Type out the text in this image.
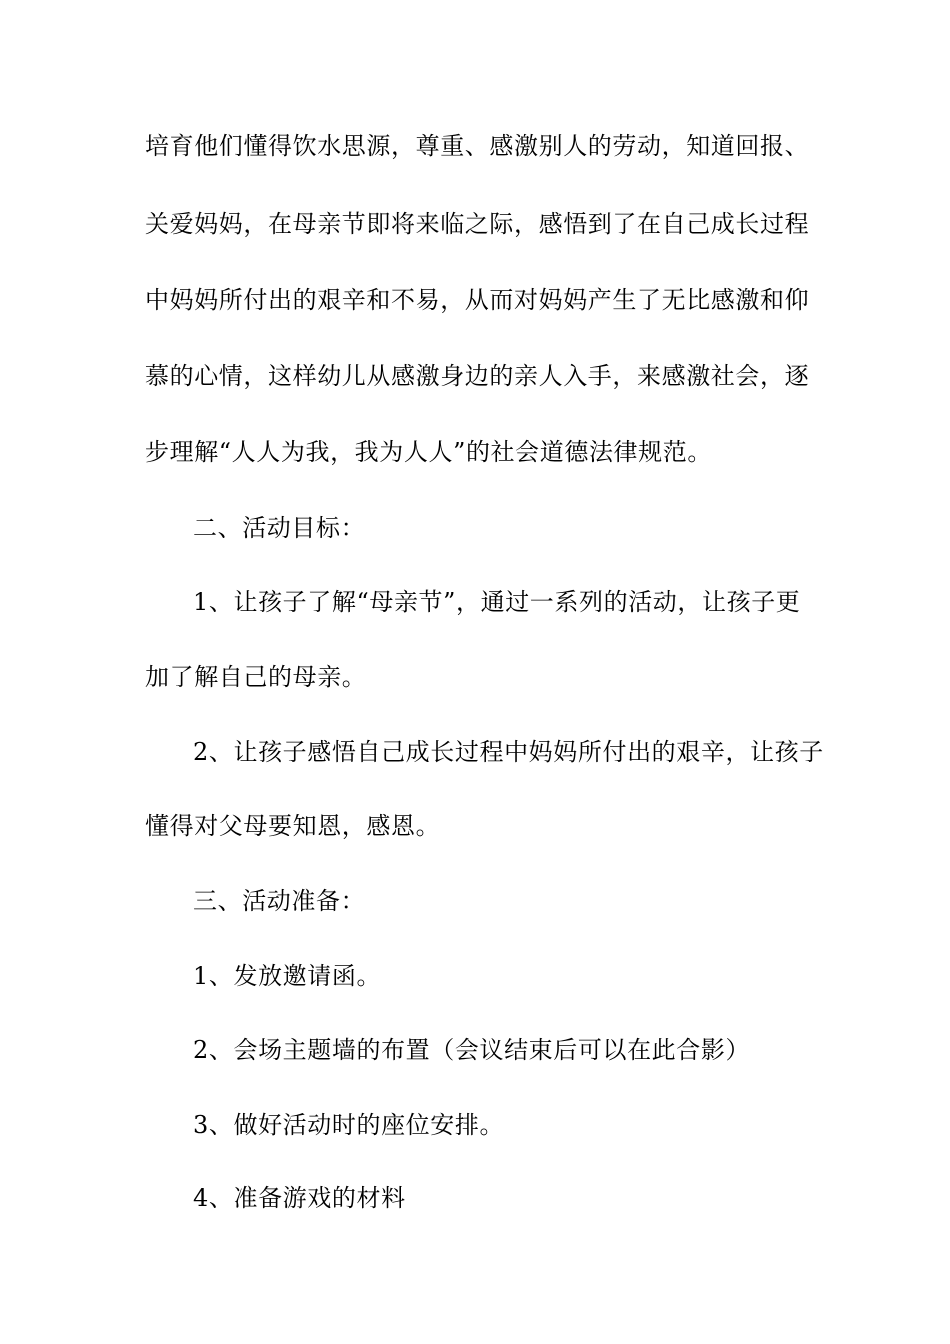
培育他们懂得饮水思源，尊重、感激别人的劳动，知道回报、
关爱妈妈，在母亲节即将来临之际，感悟到了在自己成长过程
中妈妈所付出的艰辛和不易，从而对妈妈产生了无比感激和仰
慕的心情，这样幼儿从感激身边的亲人入手，来感激社会，逐
步理解“人人为我，我为人人”的社会道德法律规范。
二、活动目标：
1、让孩子了解“母亲节”，通过一系列的活动，让孩子更
加了解自己的母亲。
2、让孩子感悟自己成长过程中妈妈所付出的艰辛，让孩子
懂得对父母要知恩，感恩。
三、活动准备：
1、发放邀请函。
2、会场主题墙的布置（会议结束后可以在此合影）
3、做好活动时的座位安排。
4、准备游戏的材料
